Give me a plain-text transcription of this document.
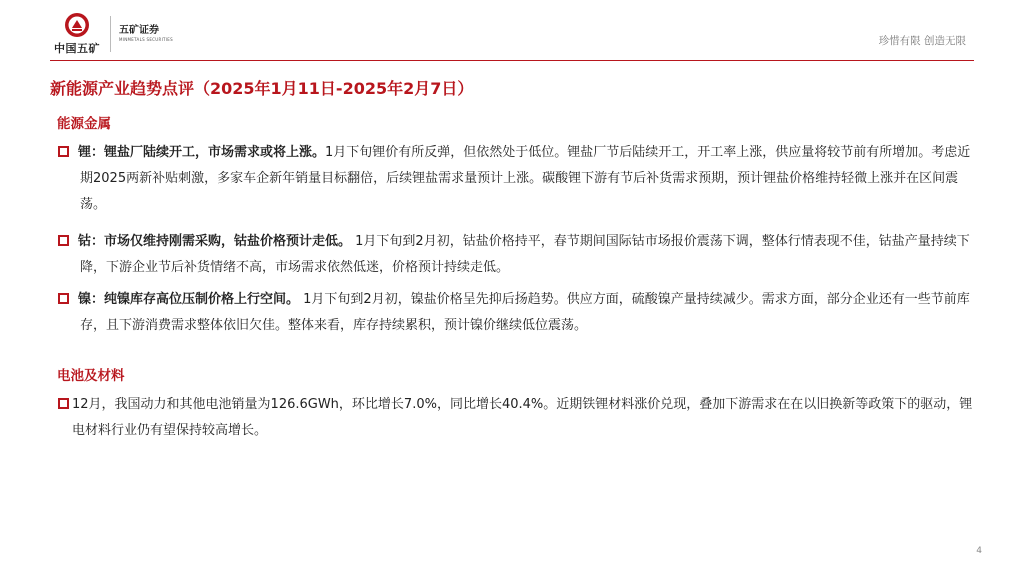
中国五矿
五矿证券
MINMETALS SECURITIES	珍惜有限 创造无限
新能源产业趋势点评（2025年1月11日-2025年2月7日）
能源金属

锂：锂盐厂陆续开工，市场需求或将上涨。1月下旬锂价有所反弹，但依然处于低位。锂盐厂节后陆续开工，开工率上涨，供应量将较节前有所增加。考虑近期2025两新补贴刺激，多家车企新年销量目标翻倍，后续锂盐需求量预计上涨。碳酸锂下游有节后补货需求预期，预计锂盐价格维持轻微上涨并在区间震荡。

钴：市场仅维持刚需采购，钴盐价格预计走低。 1月下旬到2月初，钴盐价格持平，春节期间国际钴市场报价震荡下调，整体行情表现不佳，钴盐产量持续下降，下游企业节后补货情绪不高，市场需求依然低迷，价格预计持续走低。

镍：纯镍库存高位压制价格上行空间。 1月下旬到2月初，镍盐价格呈先抑后扬趋势。供应方面，硫酸镍产量持续减少。需求方面，部分企业还有一些节前库存，且下游消费需求整体依旧欠佳。整体来看，库存持续累积，预计镍价继续低位震荡。

电池及材料

12月，我国动力和其他电池销量为126.6GWh，环比增长7.0%，同比增长40.4%。近期铁锂材料涨价兑现，叠加下游需求在在以旧换新等政策下的驱动，锂电材料行业仍有望保持较高增长。

4
